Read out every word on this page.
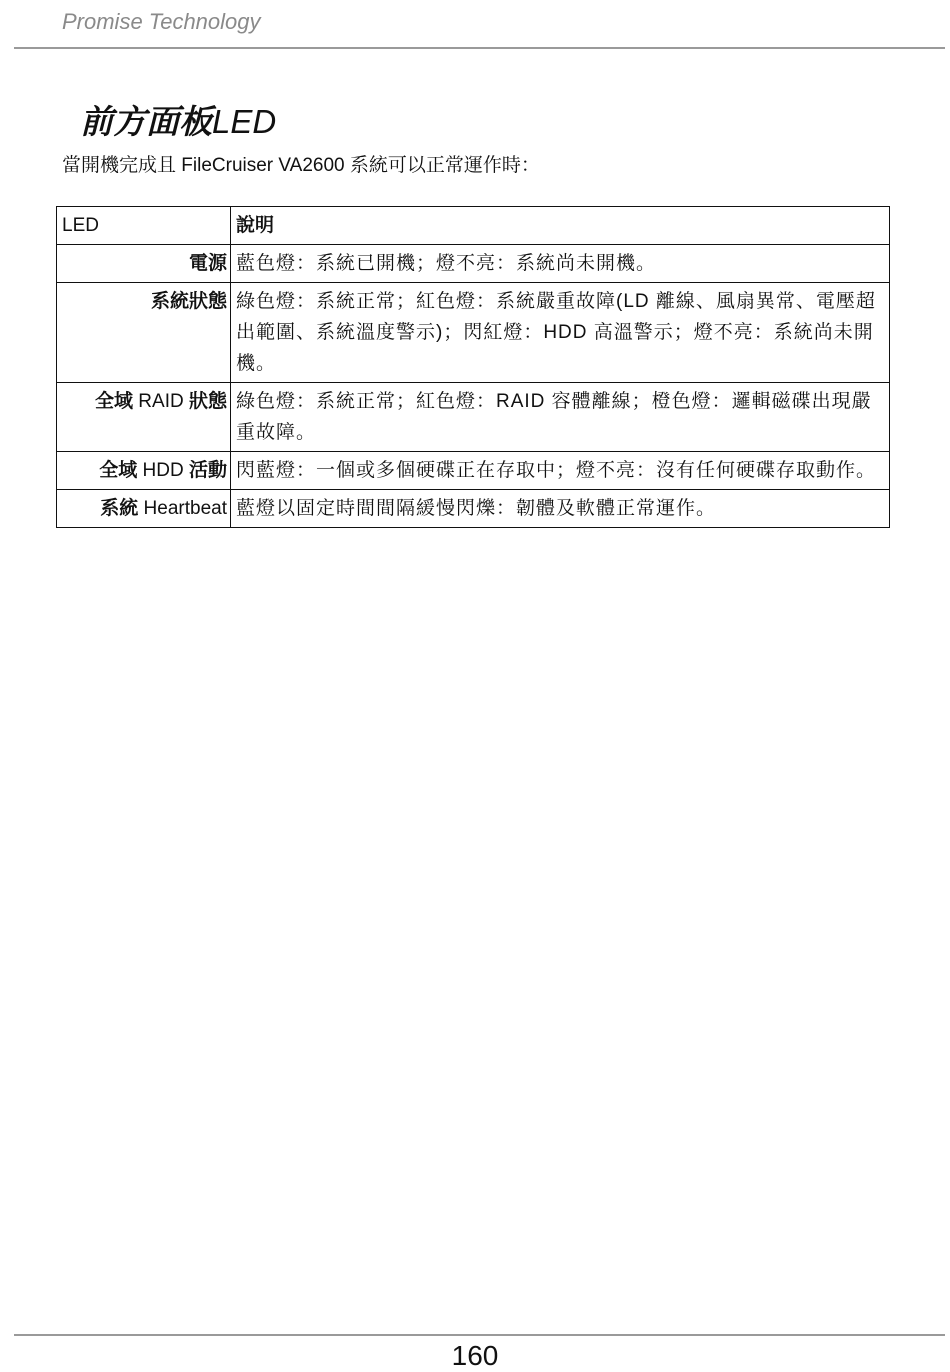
Promise Technology
前方面板LED
當開機完成且 FileCruiser VA2600 系統可以正常運作時：
LED	說明
電源	藍色燈：系統已開機；燈不亮：系統尚未開機。
系統狀態	綠色燈：系統正常；紅色燈：系統嚴重故障(LD 離線、風扇異常、電壓超出範圍、系統溫度警示)；閃紅燈：HDD 高溫警示；燈不亮：系統尚未開機。
全域 RAID 狀態	綠色燈：系統正常；紅色燈：RAID 容體離線；橙色燈：邏輯磁碟出現嚴重故障。
全域 HDD 活動	閃藍燈：一個或多個硬碟正在存取中；燈不亮：沒有任何硬碟存取動作。
系統 Heartbeat	藍燈以固定時間間隔緩慢閃爍：韌體及軟體正常運作。
160
